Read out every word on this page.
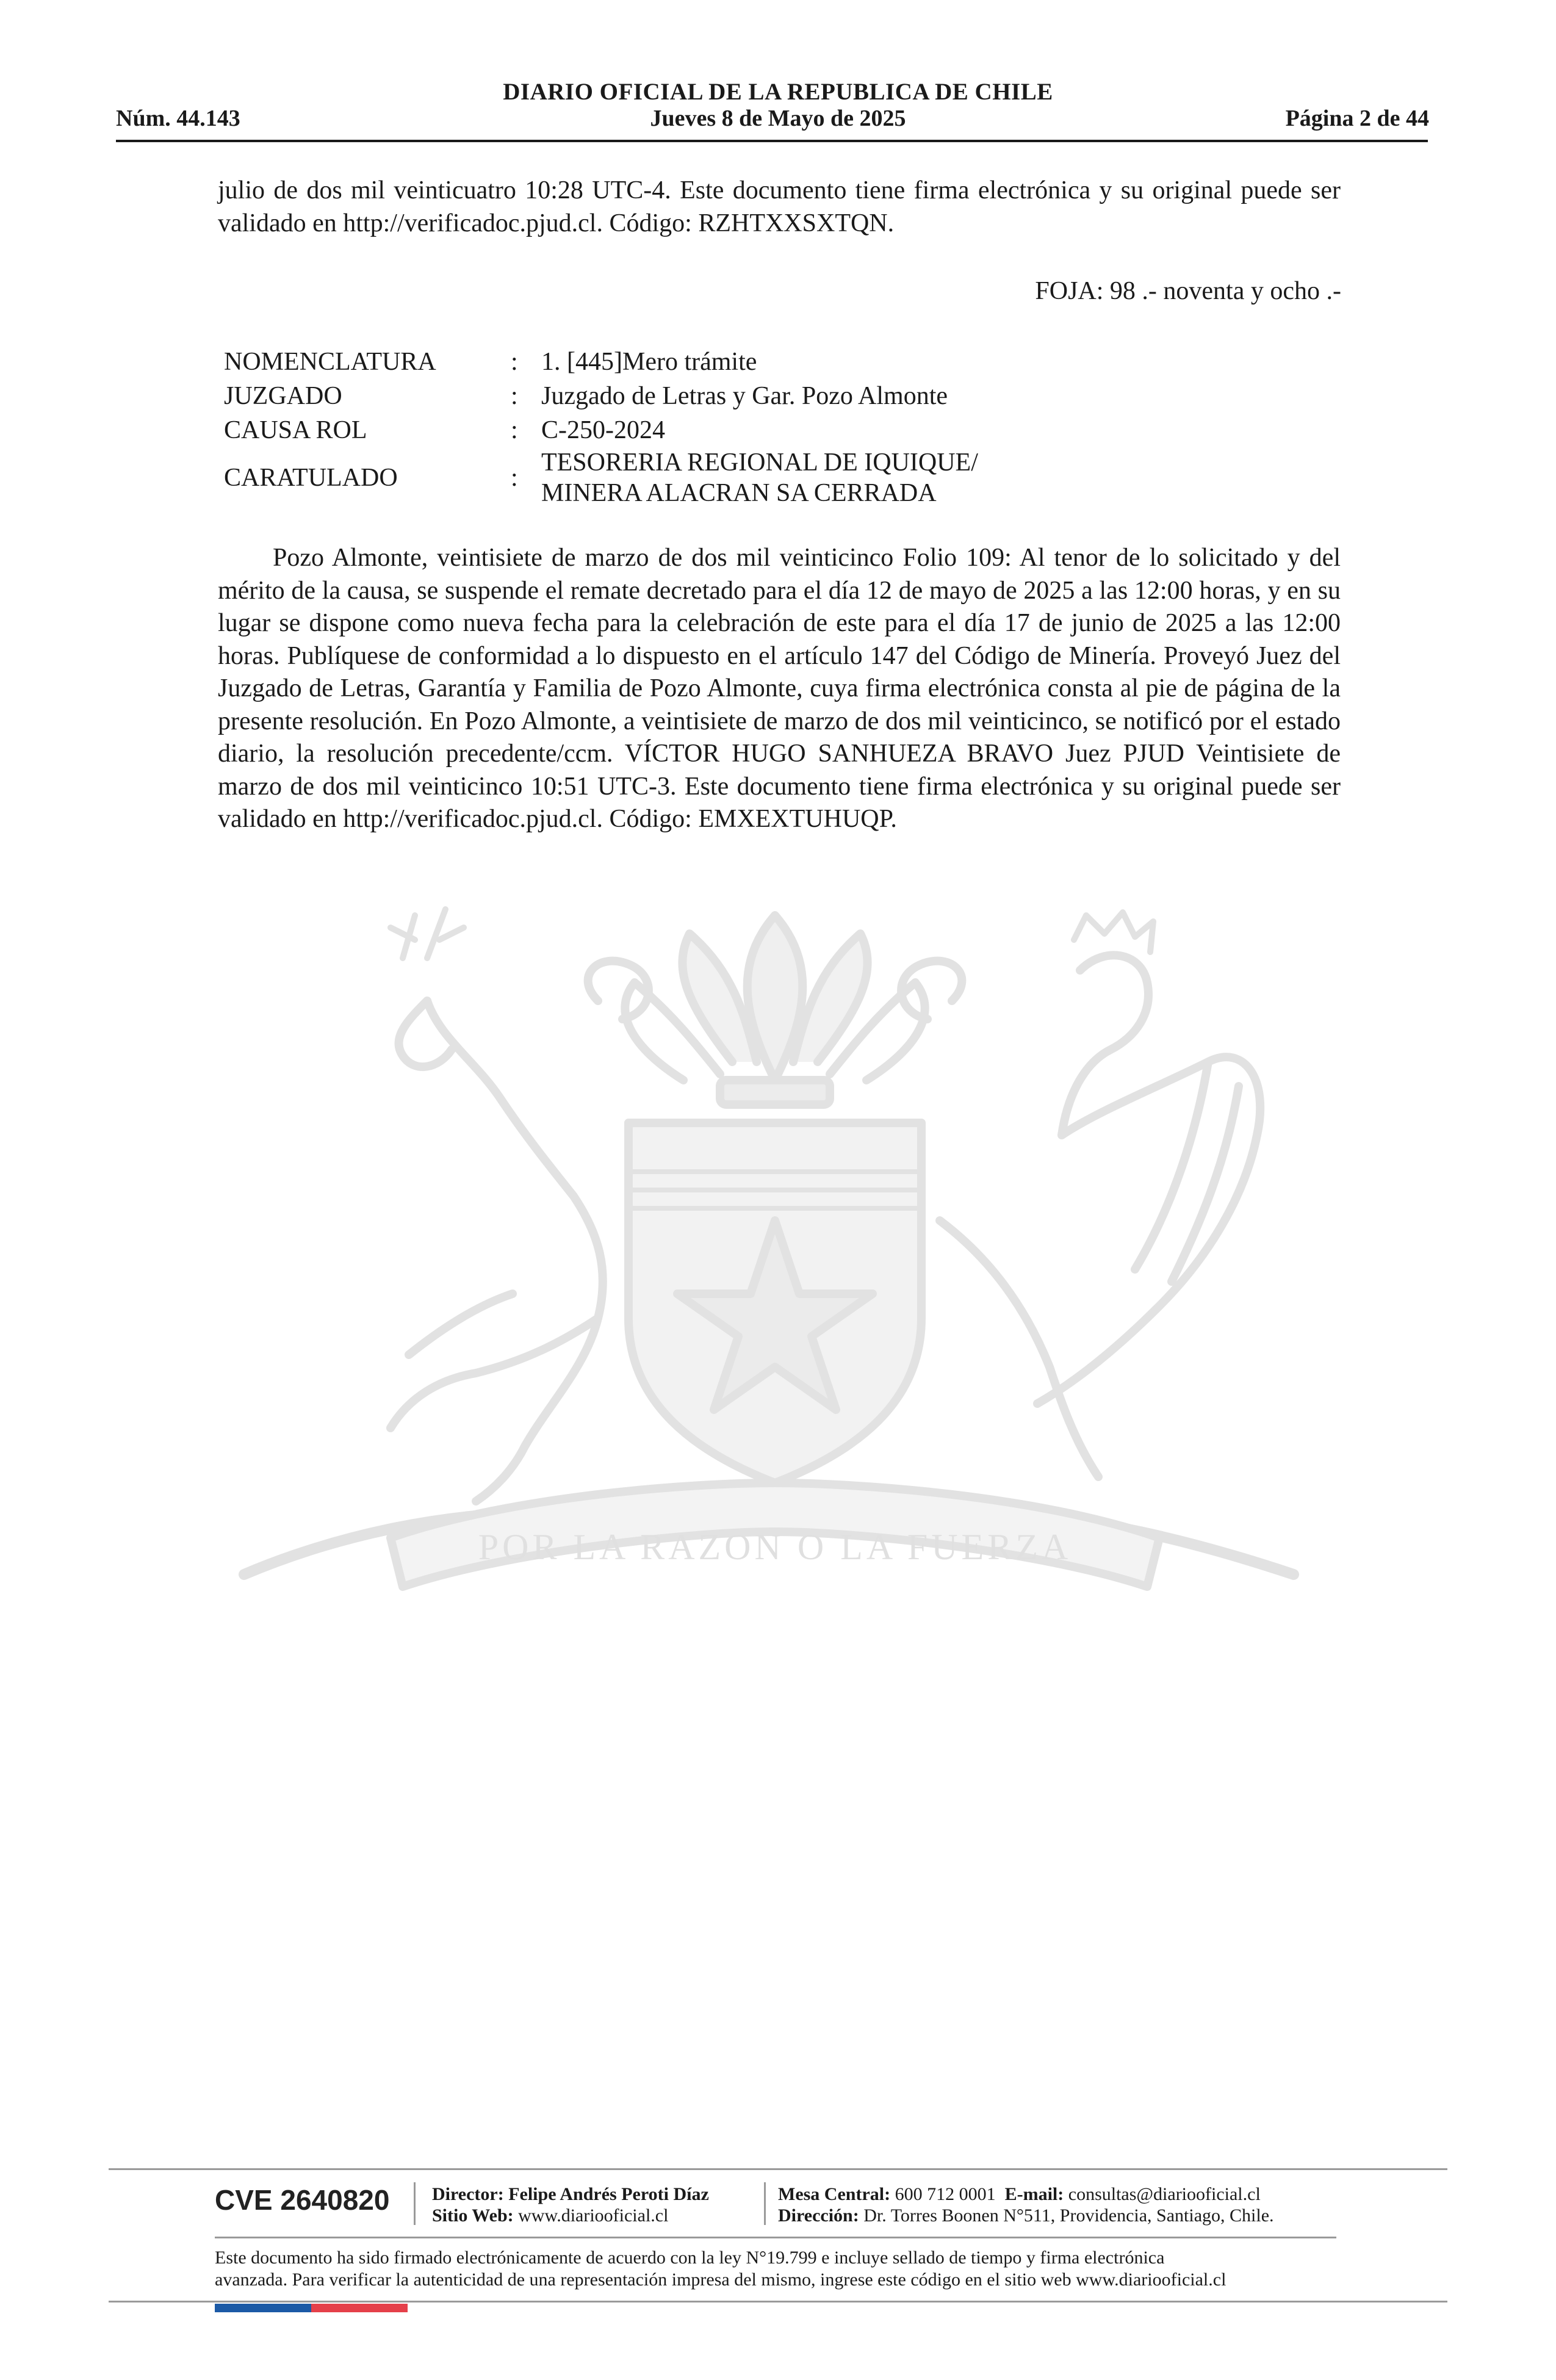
DIARIO OFICIAL DE LA REPUBLICA DE CHILE
Núm. 44.143	Jueves 8 de Mayo de 2025	Página 2 de 44
POR LA RAZON O LA FUERZA
julio de dos mil veinticuatro 10:28 UTC-4. Este documento tiene firma electrónica y su original puede ser validado en http://verificadoc.pjud.cl. Código: RZHTXXSXTQN.
FOJA: 98 .- noventa y ocho .-
NOMENCLATURA	: 1. [445]Mero trámite
JUZGADO	: Juzgado de Letras y Gar. Pozo Almonte
CAUSA ROL	: C-250-2024
CARATULADO	:
TESORERIA REGIONAL DE IQUIQUE/
MINERA ALACRAN SA CERRADA
Pozo Almonte, veintisiete de marzo de dos mil veinticinco Folio 109: Al tenor de lo solicitado y del mérito de la causa, se suspende el remate decretado para el día 12 de mayo de 2025 a las 12:00 horas, y en su lugar se dispone como nueva fecha para la celebración de este para el día 17 de junio de 2025 a las 12:00 horas. Publíquese de conformidad a lo dispuesto en el artículo 147 del Código de Minería. Proveyó Juez del Juzgado de Letras, Garantía y Familia de Pozo Almonte, cuya firma electrónica consta al pie de página de la presente resolución. En Pozo Almonte, a veintisiete de marzo de dos mil veinticinco, se notificó por el estado diario, la resolución precedente/ccm. VÍCTOR HUGO SANHUEZA BRAVO Juez PJUD Veintisiete de marzo de dos mil veinticinco 10:51 UTC-3. Este documento tiene firma electrónica y su original puede ser validado en http://verificadoc.pjud.cl. Código: EMXEXTUHUQP.
CVE 2640820 Director: Felipe Andrés Peroti Díaz
Sitio Web: www.diariooficial.cl
Mesa Central: 600 712 0001 E-mail: consultas@diariooficial.cl
Dirección: Dr. Torres Boonen N°511, Providencia, Santiago, Chile.
Este documento ha sido firmado electrónicamente de acuerdo con la ley N°19.799 e incluye sellado de tiempo y firma electrónica
avanzada. Para verificar la autenticidad de una representación impresa del mismo, ingrese este código en el sitio web www.diariooficial.cl
